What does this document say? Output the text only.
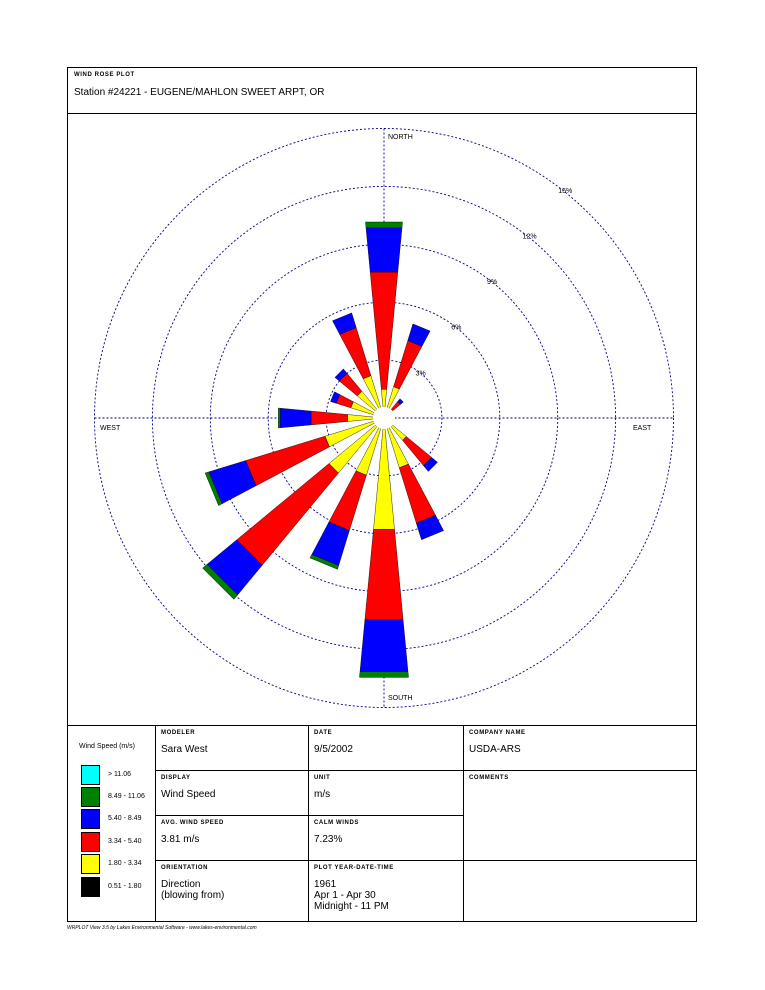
WIND ROSE PLOT
Station #24221 - EUGENE/MAHLON SWEET ARPT, OR
NORTH
SOUTH
EAST
WEST
3%
6%
9%
12%
15%
Wind Speed (m/s)
> 11.06
8.49 - 11.06
5.40 - 8.49
3.34 - 5.40
1.80 - 3.34
0.51 - 1.80
MODELER
Sara West
DATE
9/5/2002
COMPANY NAME
USDA-ARS
DISPLAY
Wind Speed
UNIT
m/s
COMMENTS
AVG. WIND SPEED
3.81 m/s
CALM WINDS
7.23%
ORIENTATION
Direction
(blowing from)
PLOT YEAR-DATE-TIME
1961
Apr 1 - Apr 30
Midnight - 11 PM
WRPLOT View 3.5 by Lakes Environmental Software - www.lakes-environmental.com
